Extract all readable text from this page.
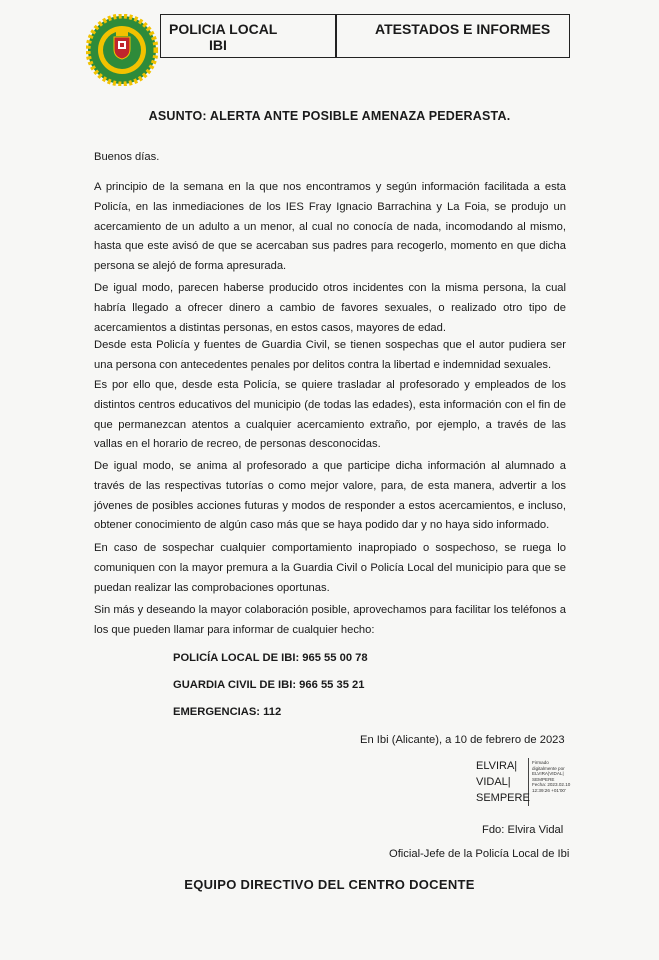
POLICIA LOCAL
IBI
ATESTADOS E INFORMES
ASUNTO: ALERTA ANTE POSIBLE AMENAZA PEDERASTA.

Buenos días.

A principio de la semana en la que nos encontramos y según información facilitada a esta Policía, en las inmediaciones de los IES Fray Ignacio Barrachina y La Foia, se produjo un acercamiento de un adulto a un menor, al cual no conocía de nada, incomodando al mismo, hasta que este avisó de que se acercaban sus padres para recogerlo, momento en que dicha persona se alejó de forma apresurada.

De igual modo, parecen haberse producido otros incidentes con la misma persona, la cual habría llegado a ofrecer dinero a cambio de favores sexuales, o realizado otro tipo de acercamientos a distintas personas, en estos casos, mayores de edad.

Desde esta Policía y fuentes de Guardia Civil, se tienen sospechas que el autor pudiera ser una persona con antecedentes penales por delitos contra la libertad e indemnidad sexuales.

Es por ello que, desde esta Policía, se quiere trasladar al profesorado y empleados de los distintos centros educativos del municipio (de todas las edades), esta información con el fin de que permanezcan atentos a cualquier acercamiento extraño, por ejemplo, a través de las vallas en el horario de recreo, de personas desconocidas.

De igual modo, se anima al profesorado a que participe dicha información al alumnado a través de las respectivas tutorías o como mejor valore, para, de esta manera, advertir a los jóvenes de posibles acciones futuras y modos de responder a estos acercamientos, e incluso, obtener conocimiento de algún caso más que se haya podido dar y no haya sido informado.

En caso de sospechar cualquier comportamiento inapropiado o sospechoso, se ruega lo comuniquen con la mayor premura a la Guardia Civil o Policía Local del municipio para que se puedan realizar las comprobaciones oportunas.

Sin más y deseando la mayor colaboración posible, aprovechamos para facilitar los teléfonos a los que pueden llamar para informar de cualquier hecho:

POLICÍA LOCAL DE IBI: 965 55 00 78
GUARDIA CIVIL DE IBI: 966 55 35 21
EMERGENCIAS: 112
En Ibi (Alicante), a 10 de febrero de 2023
ELVIRA|
VIDAL|
SEMPERE
Firmado
digitalmente por
ELVIRA|VIDAL|
SEMPERE
Fecha: 2023.02.10
12:39:26 +01'00'
Fdo: Elvira Vidal
Oficial-Jefe de la Policía Local de Ibi
EQUIPO DIRECTIVO DEL CENTRO DOCENTE
